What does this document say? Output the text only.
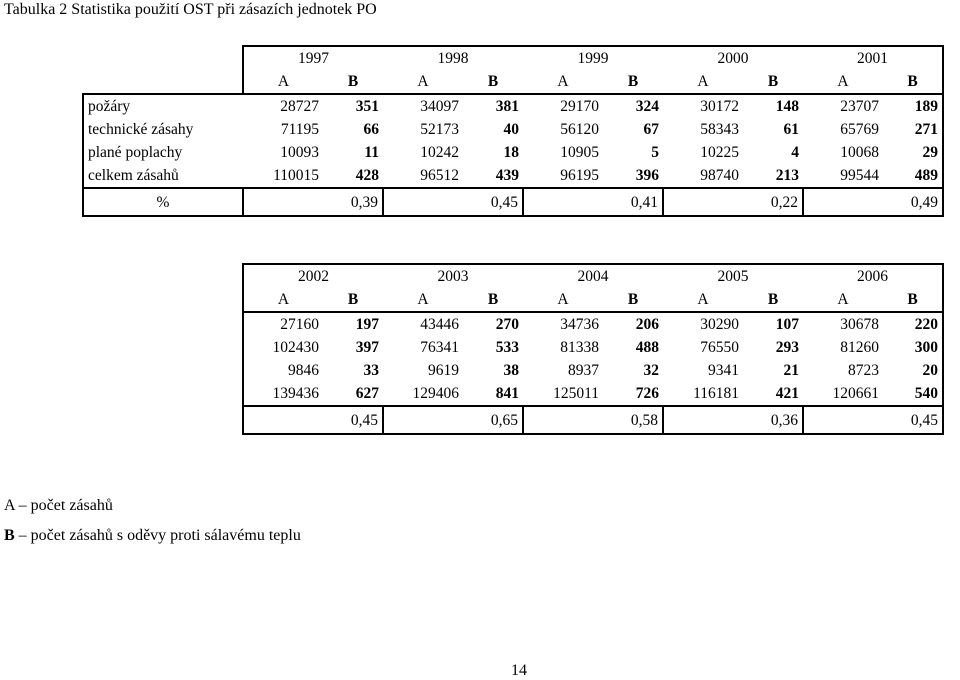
Tabulka 2 Statistika použití OST při zásazích jednotek PO
	1997		1998		1999		2000		2001	
	A	B	A	B	A	B	A	B	A	B
požáry	28727	351	34097	381	29170	324	30172	148	23707	189
technické zásahy	71195	66	52173	40	56120	67	58343	61	65769	271
plané poplachy	10093	11	10242	18	10905	5	10225	4	10068	29
celkem zásahů	110015	428	96512	439	96195	396	98740	213	99544	489
%	0,39		0,45		0,41		0,22		0,49	
2002		2003		2004		2005		2006	
A	B	A	B	A	B	A	B	A	B
27160	197	43446	270	34736	206	30290	107	30678	220
102430	397	76341	533	81338	488	76550	293	81260	300
9846	33	9619	38	8937	32	9341	21	8723	20
139436	627	129406	841	125011	726	116181	421	120661	540
0,45		0,65		0,58		0,36		0,45	
A – počet zásahů
B – počet zásahů s oděvy proti sálavému teplu
14
